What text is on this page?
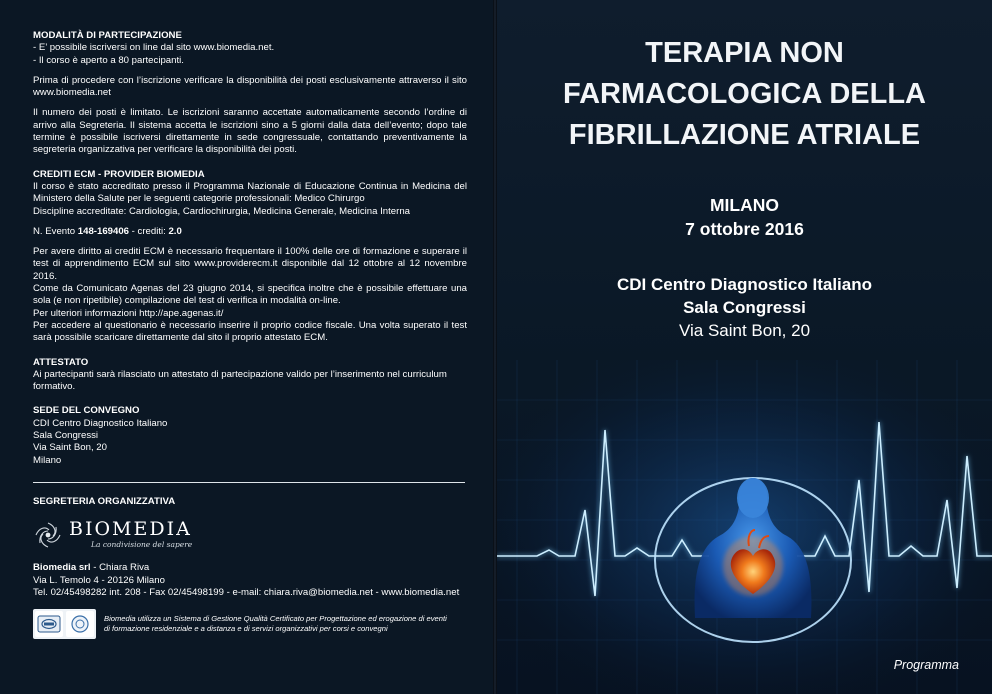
MODALITÀ DI PARTECIPAZIONE

- E’ possibile iscriversi on line dal sito www.biomedia.net.

- Il corso è aperto a 80 partecipanti.

Prima di procedere con l’iscrizione verificare la disponibilità dei posti esclusivamente attraverso il sito www.biomedia.net

Il numero dei posti è limitato. Le iscrizioni saranno accettate automaticamente secondo l’ordine di arrivo alla Segreteria. Il sistema accetta le iscrizioni sino a 5 giorni dalla data dell’evento; dopo tale termine è possibile iscriversi direttamente in sede congressuale, contattando preventivamente la segreteria organizzativa per verificare la disponibilità dei posti.

CREDITI ECM - PROVIDER BIOMEDIA

Il corso è stato accreditato presso il Programma Nazionale di Educazione Continua in Medicina del Ministero della Salute per le seguenti categorie professionali: Medico Chirurgo

Discipline accreditate: Cardiologia, Cardiochirurgia, Medicina Generale, Medicina Interna

N. Evento 148-169406 - crediti: 2.0

Per avere diritto ai crediti ECM è necessario frequentare il 100% delle ore di formazione e superare il test di apprendimento ECM sul sito www.providerecm.it disponibile dal 12 ottobre al 12 novembre 2016.

Come da Comunicato Agenas del 23 giugno 2014, si specifica inoltre che è possibile effettuare una sola (e non ripetibile) compilazione del test di verifica in modalità on-line.

Per ulteriori informazioni http://ape.agenas.it/

Per accedere al questionario è necessario inserire il proprio codice fiscale. Una volta superato il test sarà possibile scaricare direttamente dal sito il proprio attestato ECM.

ATTESTATO

Ai partecipanti sarà rilasciato un attestato di partecipazione valido per l’inserimento nel curriculum formativo.

SEDE DEL CONVEGNO

CDI Centro Diagnostico Italiano

Sala Congressi

Via Saint Bon, 20

Milano

SEGRETERIA ORGANIZZATIVA

BIOMEDIA
La condivisione del sapere

Biomedia srl - Chiara Riva

Via L. Temolo 4 - 20126 Milano

Tel. 02/45498282 int. 208 - Fax 02/45498199 - e-mail: chiara.riva@biomedia.net - www.biomedia.net

Biomedia utilizza un Sistema di Gestione Qualità Certificato per Progettazione ed erogazione di eventi di formazione residenziale e a distanza e di servizi organizzativi per corsi e convegni

TERAPIA NON
FARMACOLOGICA DELLA
FIBRILLAZIONE ATRIALE
MILANO
7 ottobre 2016
CDI Centro Diagnostico Italiano
Sala Congressi
Via Saint Bon, 20
Programma
